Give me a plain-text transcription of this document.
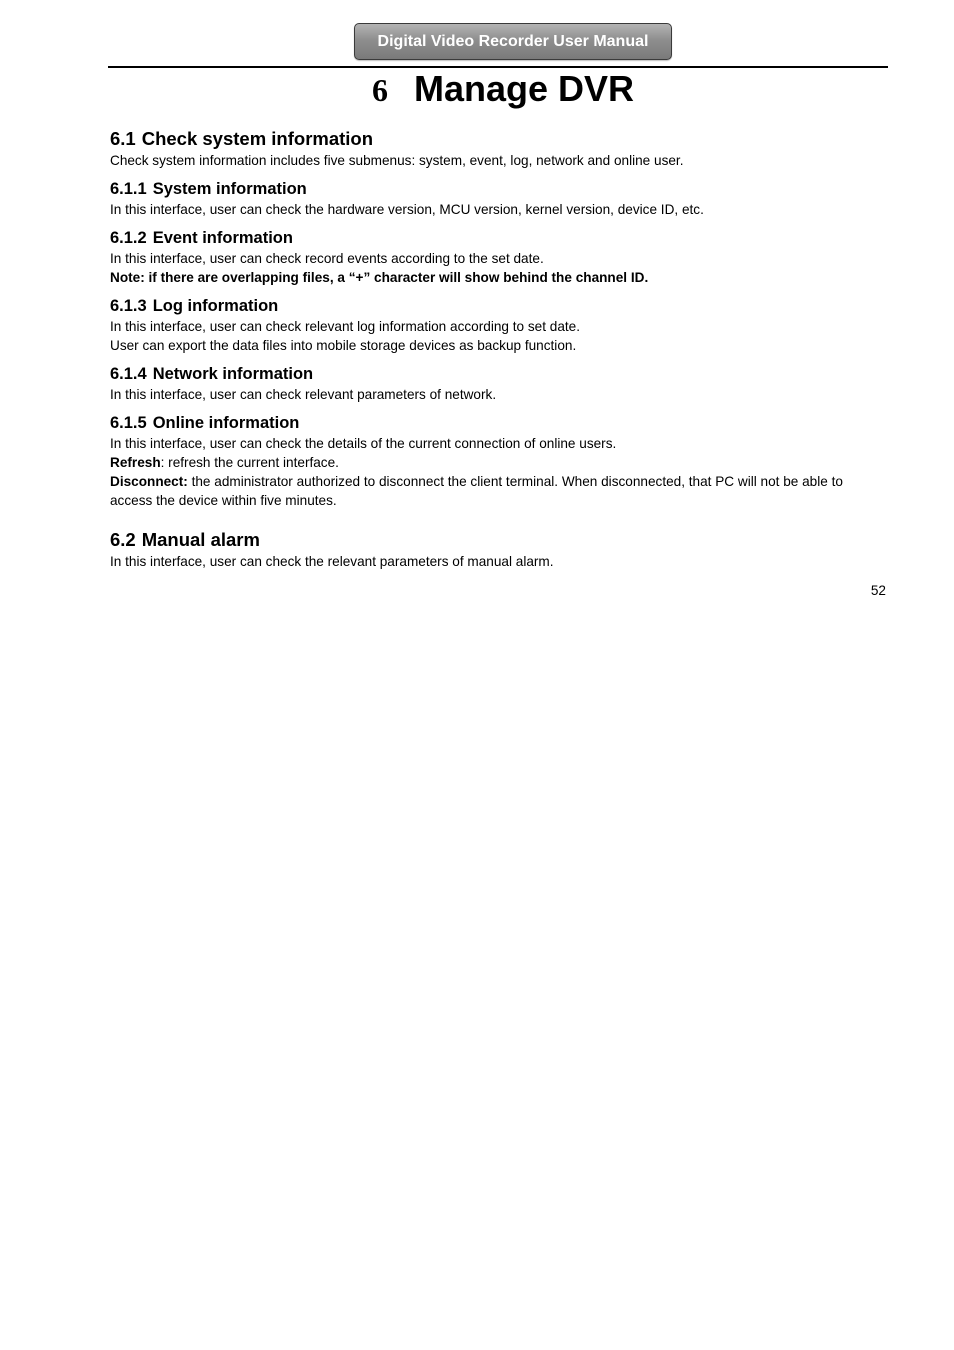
Digital Video Recorder User Manual
6 Manage DVR
6.1 Check system information

Check system information includes five submenus: system, event, log, network and online user.

6.1.1 System information

In this interface, user can check the hardware version, MCU version, kernel version, device ID, etc.

6.1.2 Event information

In this interface, user can check record events according to the set date.

Note: if there are overlapping files, a “+” character will show behind the channel ID.

6.1.3 Log information

In this interface, user can check relevant log information according to set date.

User can export the data files into mobile storage devices as backup function.

6.1.4 Network information

In this interface, user can check relevant parameters of network.

6.1.5 Online information

In this interface, user can check the details of the current connection of online users.

Refresh: refresh the current interface.

Disconnect: the administrator authorized to disconnect the client terminal. When disconnected, that PC will not be able to access the device within five minutes.

6.2 Manual alarm

In this interface, user can check the relevant parameters of manual alarm.

52
